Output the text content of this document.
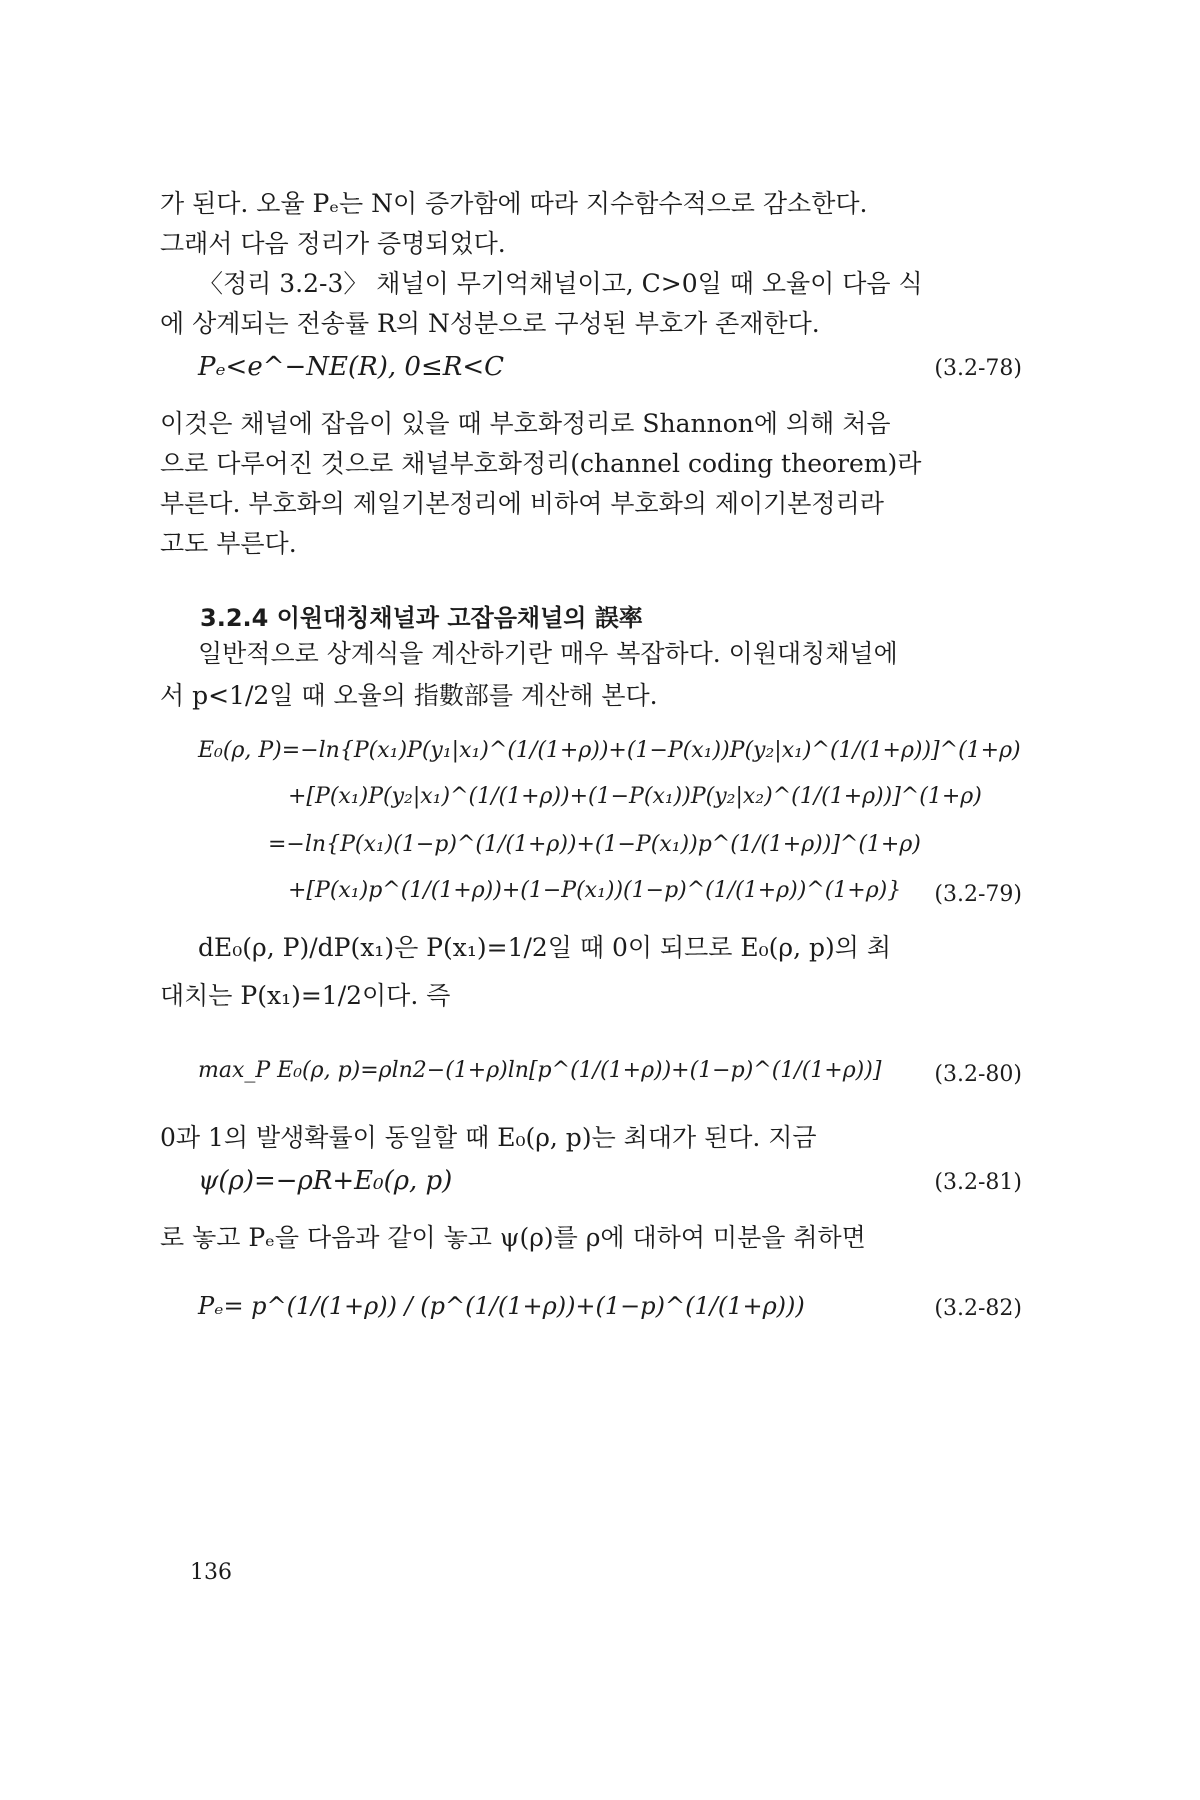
가 된다. 오율 Pₑ는 N이 증가함에 따라 지수함수적으로 감소한다.
그래서 다음 정리가 증명되었다.
〈정리 3.2-3〉 채널이 무기억채널이고, C>0일 때 오율이 다음 식
에 상계되는 전송률 R의 N성분으로 구성된 부호가 존재한다.
Pₑ<e^−NE(R), 0≤R<C	(3.2-78)
이것은 채널에 잡음이 있을 때 부호화정리로 Shannon에 의해 처음
으로 다루어진 것으로 채널부호화정리(channel coding theorem)라
부른다. 부호화의 제일기본정리에 비하여 부호화의 제이기본정리라
고도 부른다.
3.2.4 이원대칭채널과 고잡음채널의 誤率
일반적으로 상계식을 계산하기란 매우 복잡하다. 이원대칭채널에
서 p<1/2일 때 오율의 指數部를 계산해 본다.
E₀(ρ, P)=−ln{P(x₁)P(y₁|x₁)^(1/(1+ρ))+(1−P(x₁))P(y₂|x₁)^(1/(1+ρ))]^(1+ρ)
+[P(x₁)P(y₂|x₁)^(1/(1+ρ))+(1−P(x₁))P(y₂|x₂)^(1/(1+ρ))]^(1+ρ)
=−ln{P(x₁)(1−p)^(1/(1+ρ))+(1−P(x₁))p^(1/(1+ρ))]^(1+ρ)
+[P(x₁)p^(1/(1+ρ))+(1−P(x₁))(1−p)^(1/(1+ρ))^(1+ρ)} (3.2-79)
dE₀(ρ, P)/dP(x₁)은 P(x₁)=1/2일 때 0이 되므로 E₀(ρ, p)의 최
대치는 P(x₁)=1/2이다. 즉
max_P E₀(ρ, p)=ρln2−(1+ρ)ln[p^(1/(1+ρ))+(1−p)^(1/(1+ρ))] (3.2-80)
0과 1의 발생확률이 동일할 때 E₀(ρ, p)는 최대가 된다. 지금
ψ(ρ)=−ρR+E₀(ρ, p)	(3.2-81)
로 놓고 Pₑ을 다음과 같이 놓고 ψ(ρ)를 ρ에 대하여 미분을 취하면
Pₑ= p^(1/(1+ρ)) / (p^(1/(1+ρ))+(1−p)^(1/(1+ρ)))	(3.2-82)
136
